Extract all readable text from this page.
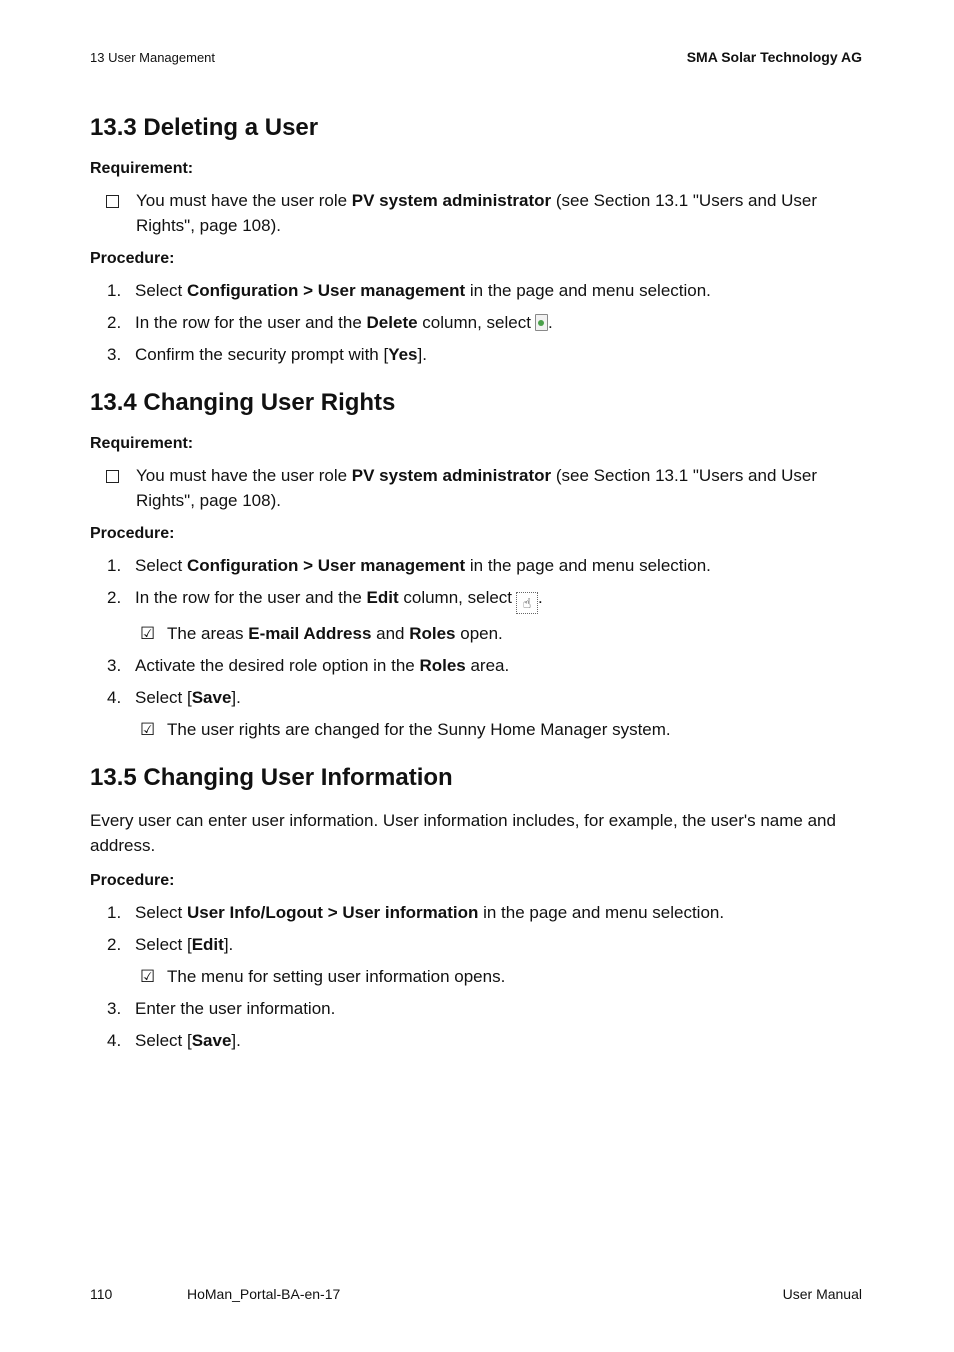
13 User Management	SMA Solar Technology AG
13.3 Deleting a User
Requirement:
You must have the user role PV system administrator (see Section 13.1 "Users and User Rights", page 108).
Procedure:
1. Select Configuration > User management in the page and menu selection.
2. In the row for the user and the Delete column, select .
3. Confirm the security prompt with [Yes].
13.4 Changing User Rights
Requirement:
You must have the user role PV system administrator (see Section 13.1 "Users and User Rights", page 108).
Procedure:
1. Select Configuration > User management in the page and menu selection.
2. In the row for the user and the Edit column, select ☝ .
☑ The areas E-mail Address and Roles open.
3. Activate the desired role option in the Roles area.
4. Select [Save].
☑ The user rights are changed for the Sunny Home Manager system.
13.5 Changing User Information
Every user can enter user information. User information includes, for example, the user's name and address.
Procedure:
1. Select User Info/Logout > User information in the page and menu selection.
2. Select [Edit].
☑ The menu for setting user information opens.
3. Enter the user information.
4. Select [Save].
110	HoMan_Portal-BA-en-17	User Manual
